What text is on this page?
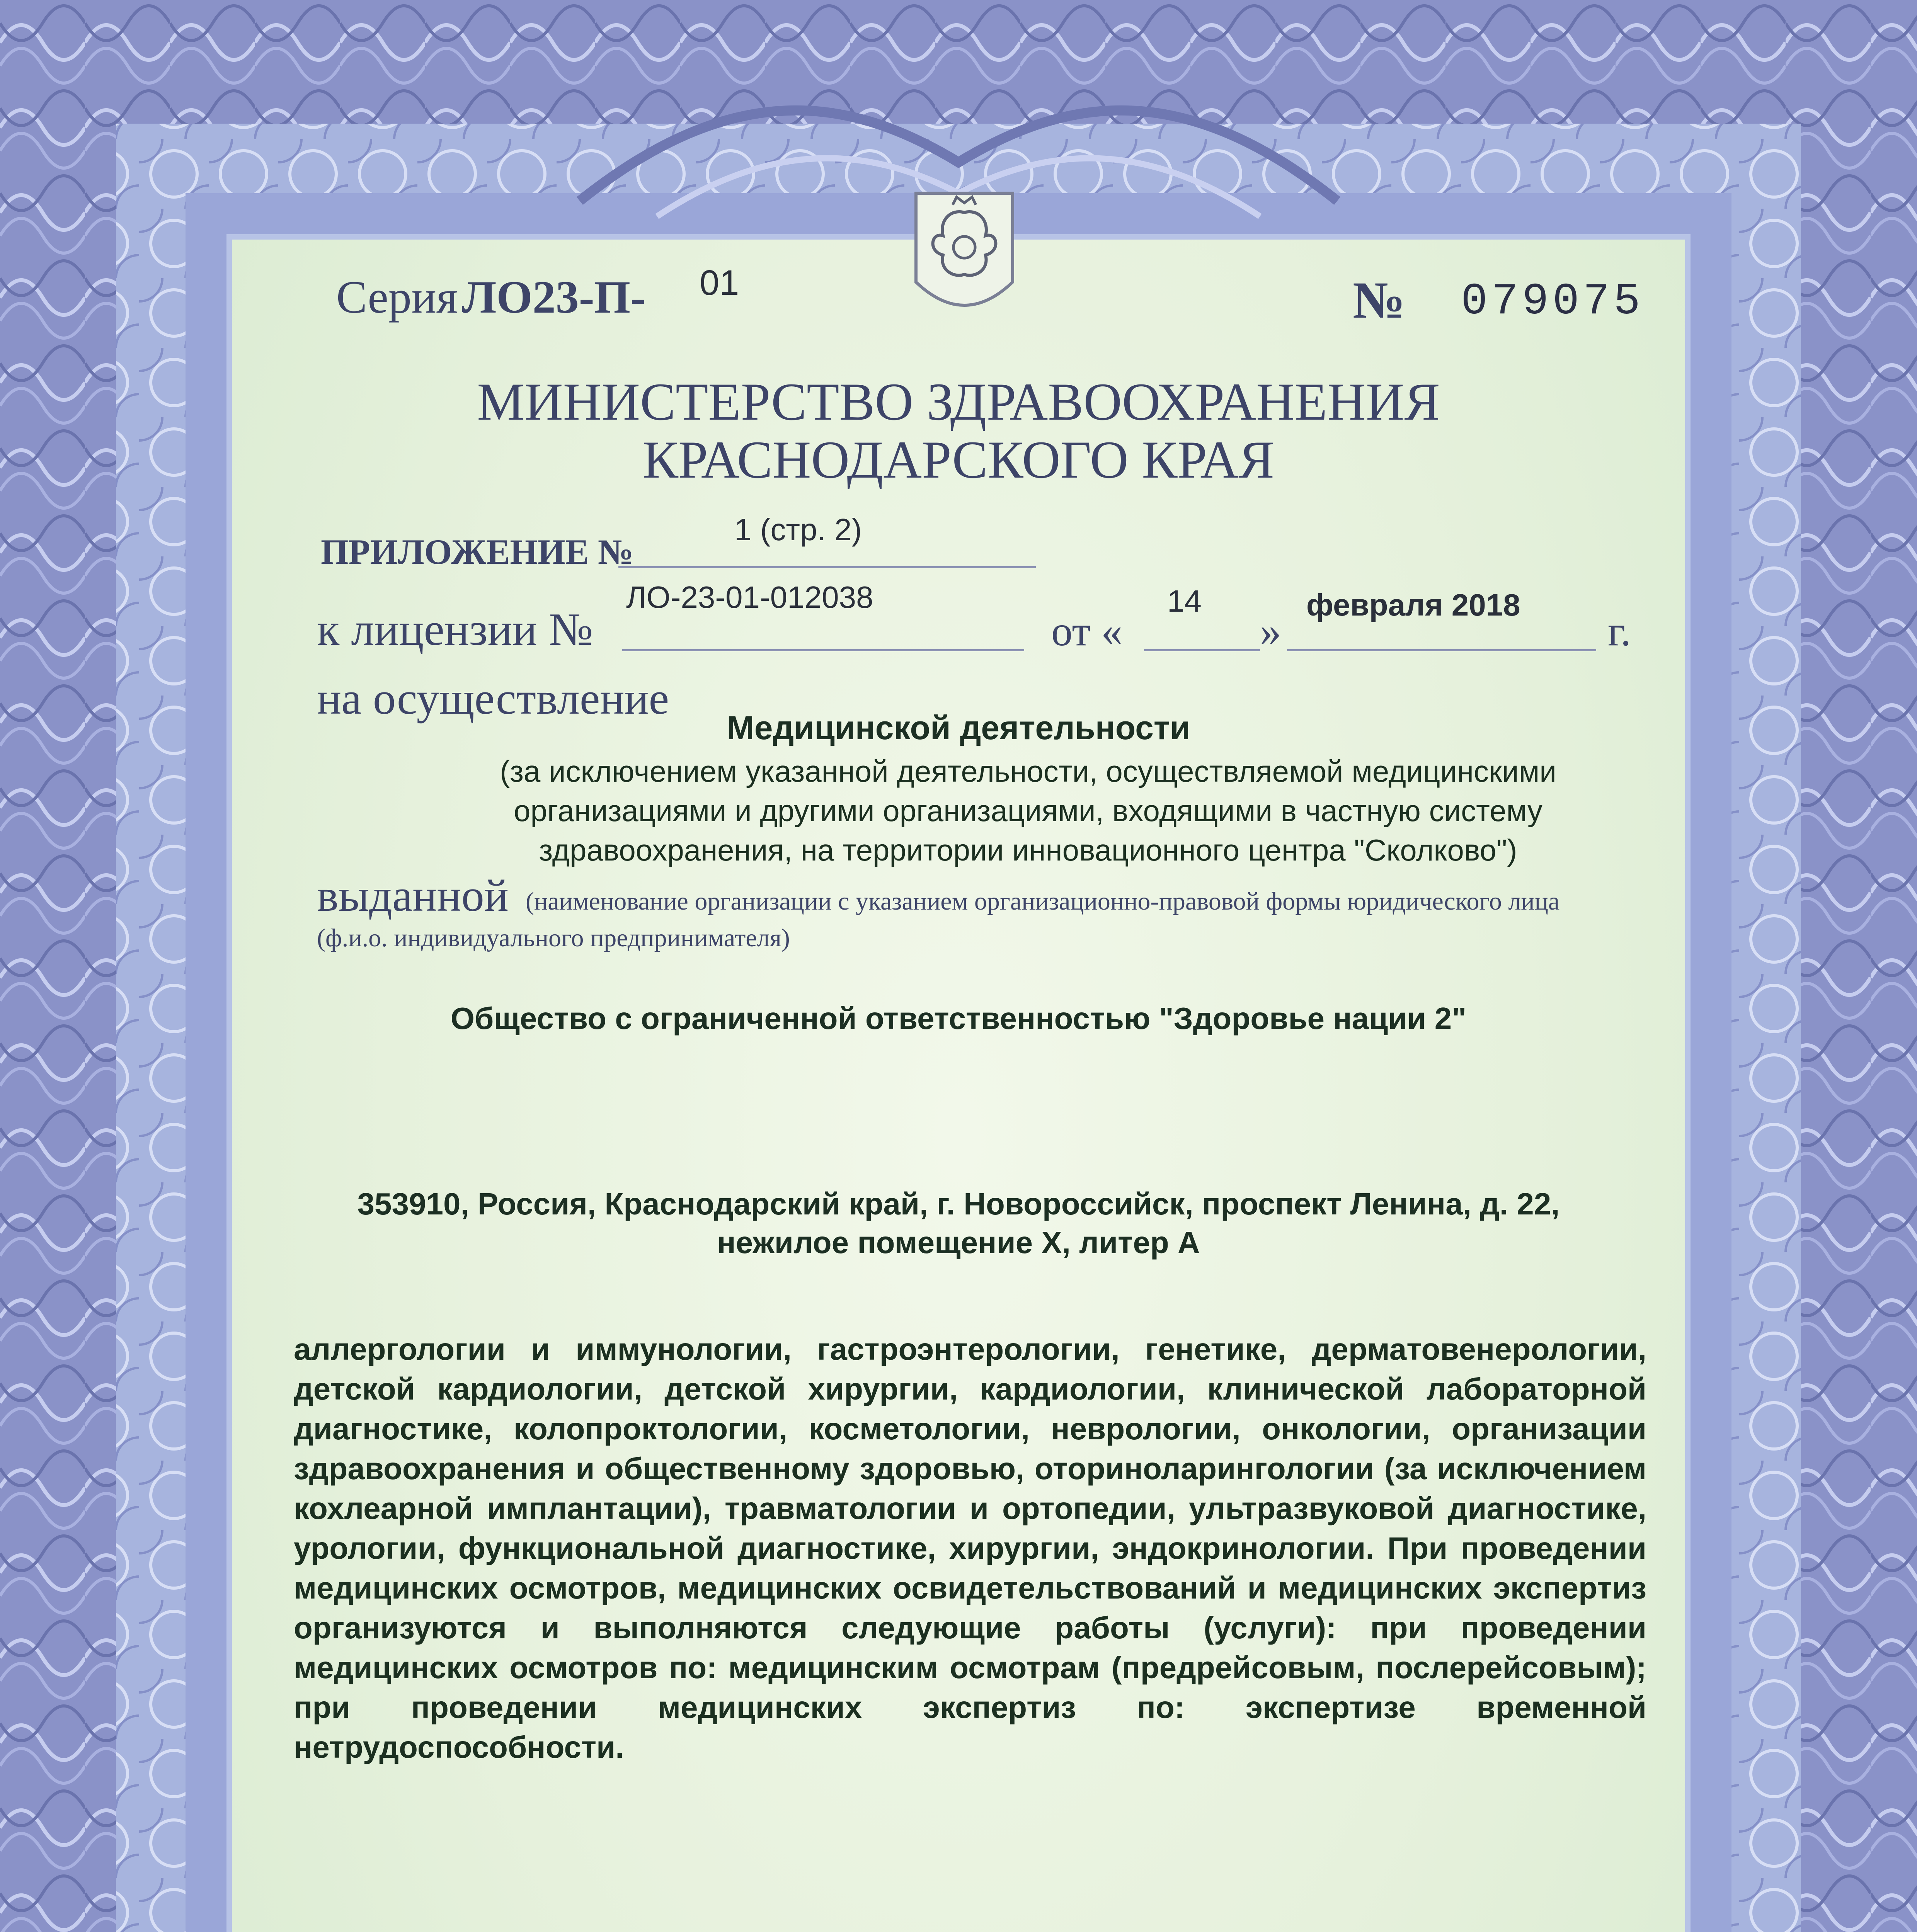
Серия ЛО23-П- 01	№ 079075
МИНИСТЕРСТВО ЗДРАВООХРАНЕНИЯ
КРАСНОДАРСКОГО КРАЯ
ПРИЛОЖЕНИЕ №
1 (стр. 2)
к лицензии №
ЛО-23-01-012038
от «
14
»
февраля 2018
г.
на осуществление
Медицинской деятельности
(за исключением указанной деятельности, осуществляемой медицинскими организациями и другими организациями, входящими в частную систему здравоохранения, на территории инновационного центра "Сколково")
выданной (наименование организации с указанием организационно-правовой формы юридического лица
(ф.и.о. индивидуального предпринимателя)
Общество с ограниченной ответственностью "Здоровье нации 2"
353910, Россия, Краснодарский край, г. Новороссийск, проспект Ленина, д. 22,
нежилое помещение X, литер А
аллергологии и иммунологии, гастроэнтерологии, генетике, дерматовенерологии, детской кардиологии, детской хирургии, кардиологии, клинической лабораторной диагностике, колопроктологии, косметологии, неврологии, онкологии, организации здравоохранения и общественному здоровью, оториноларингологии (за исключением кохлеарной имплантации), травматологии и ортопедии, ультразвуковой диагностике, урологии, функциональной диагностике, хирургии, эндокринологии. При проведении медицинских осмотров, медицинских освидетельствований и медицинских экспертиз организуются и выполняются следующие работы (услуги): при проведении медицинских осмотров по: медицинским осмотрам (предрейсовым, послерейсовым); при проведении медицинских экспертиз по: экспертизе временной нетрудоспособности.
